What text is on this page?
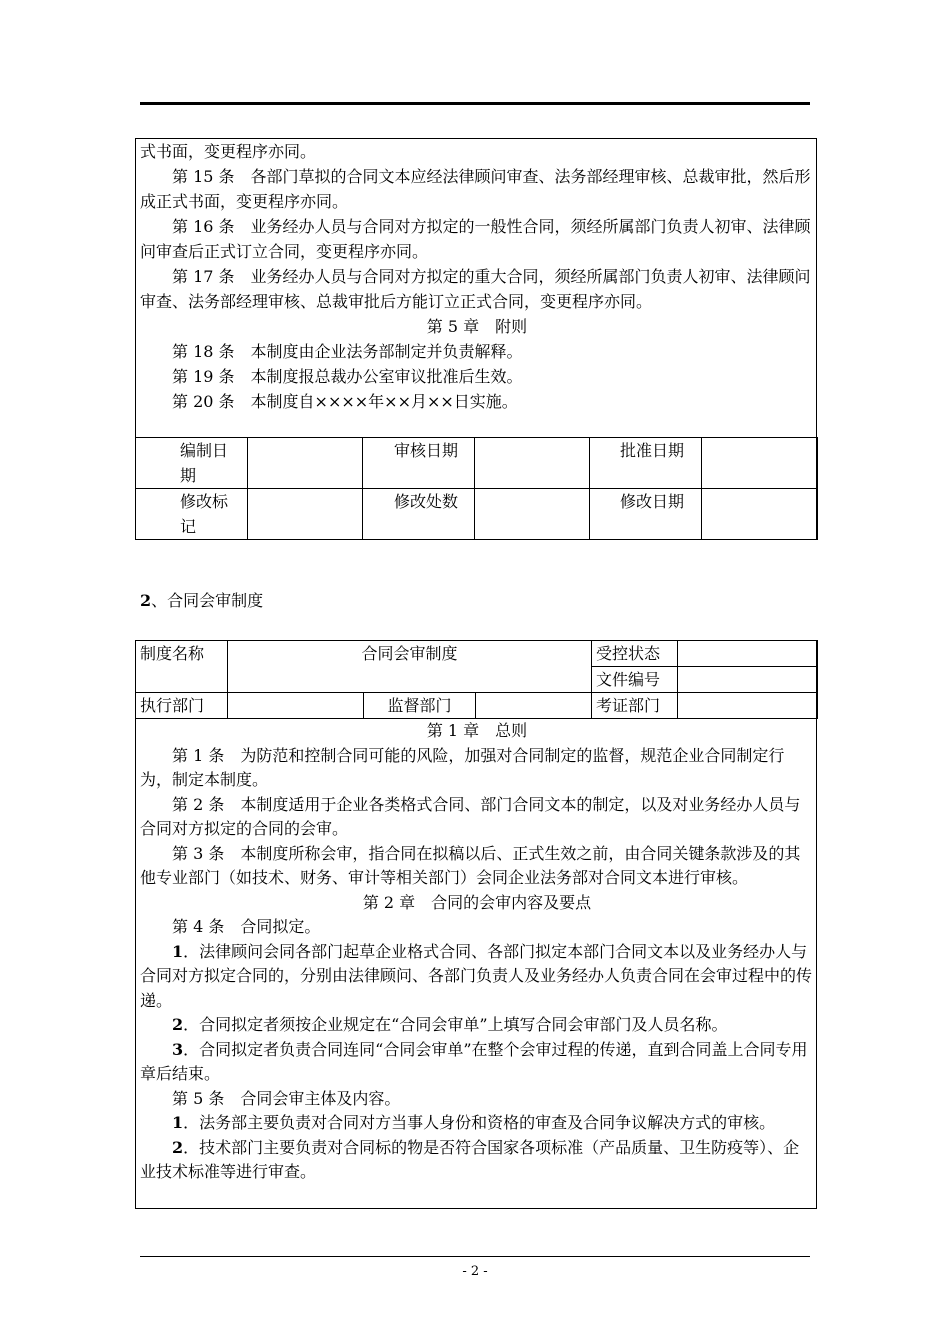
式书面，变更程序亦同。

第 15 条　各部门草拟的合同文本应经法律顾问审查、法务部经理审核、总裁审批，然后形成正式书面，变更程序亦同。

第 16 条　业务经办人员与合同对方拟定的一般性合同，须经所属部门负责人初审、法律顾问审查后正式订立合同，变更程序亦同。

第 17 条　业务经办人员与合同对方拟定的重大合同，须经所属部门负责人初审、法律顾问审查、法务部经理审核、总裁审批后方能订立正式合同，变更程序亦同。

第 5 章　 附则

第 18 条　本制度由企业法务部制定并负责解释。

第 19 条　本制度报总裁办公室审议批准后生效。

第 20 条　本制度自××××年××月××日实施。

编制日期		审核日期		批准日期	
修改标记		修改处数		修改日期	
2、合同会审制度
制度名称	合同会审制度			受控状态	
				文件编号	
执行部门		监督部门		考证部门	

第 1 章　总则

第 1 条　为防范和控制合同可能的风险，加强对合同制定的监督，规范企业合同制定行为，制定本制度。

第 2 条　本制度适用于企业各类格式合同、部门合同文本的制定，以及对业务经办人员与合同对方拟定的合同的会审。

第 3 条　本制度所称会审，指合同在拟稿以后、正式生效之前，由合同关键条款涉及的其他专业部门（如技术、财务、审计等相关部门）会同企业法务部对合同文本进行审核。

第 2 章　合同的会审内容及要点

第 4 条　合同拟定。

1．法律顾问会同各部门起草企业格式合同、各部门拟定本部门合同文本以及业务经办人与合同对方拟定合同的，分别由法律顾问、各部门负责人及业务经办人负责合同在会审过程中的传递。

2．合同拟定者须按企业规定在“合同会审单”上填写合同会审部门及人员名称。

3．合同拟定者负责合同连同“合同会审单”在整个会审过程的传递，直到合同盖上合同专用章后结束。

第 5 条　合同会审主体及内容。

1．法务部主要负责对合同对方当事人身份和资格的审查及合同争议解决方式的审核。

2．技术部门主要负责对合同标的物是否符合国家各项标准（产品质量、卫生防疫等）、企业技术标准等进行审查。

- 2 -
